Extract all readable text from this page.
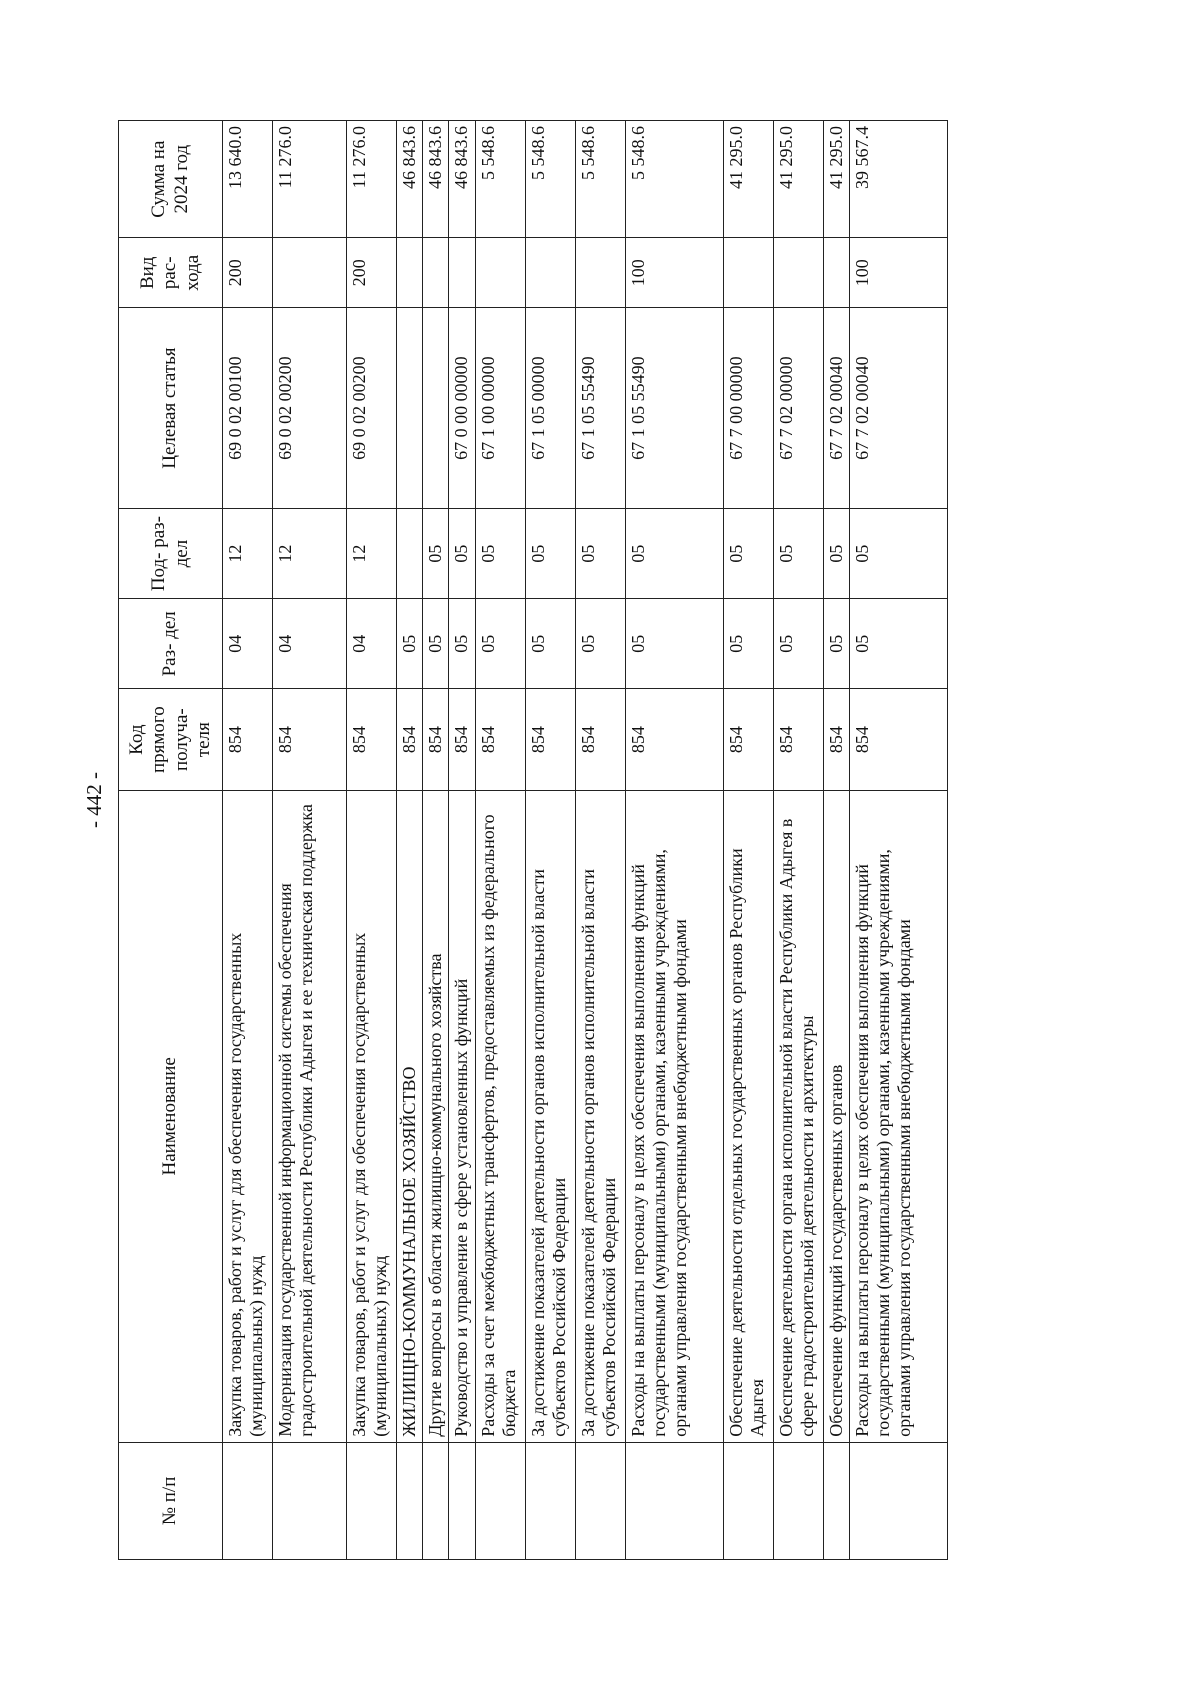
- 442 -
№ п/п	Наименование	Код прямого получа- теля	Раз- дел	Под- раз- дел	Целевая статья	Вид рас- хода	Сумма на 2024 год
	Закупка товаров, работ и услуг для обеспечения государственных (муниципальных) нужд	854	04	12	69 0 02 00100	200	13 640.0
	Модернизация государственной информационной системы обеспечения градостроительной деятельности Республики Адыгея и ее техническая поддержка	854	04	12	69 0 02 00200		11 276.0
	Закупка товаров, работ и услуг для обеспечения государственных (муниципальных) нужд	854	04	12	69 0 02 00200	200	11 276.0
	ЖИЛИЩНО-КОММУНАЛЬНОЕ ХОЗЯЙСТВО	854	05				46 843.6
	Другие вопросы в области жилищно-коммунального хозяйства	854	05	05			46 843.6
	Руководство и управление в сфере установленных функций	854	05	05	67 0 00 00000		46 843.6
	Расходы за счет межбюджетных трансфертов, предоставляемых из федерального бюджета	854	05	05	67 1 00 00000		5 548.6
	За достижение показателей деятельности органов исполнительной власти субъектов Российской Федерации	854	05	05	67 1 05 00000		5 548.6
	За достижение показателей деятельности органов исполнительной власти субъектов Российской Федерации	854	05	05	67 1 05 55490		5 548.6
	Расходы на выплаты персоналу в целях обеспечения выполнения функций государственными (муниципальными) органами, казенными учреждениями, органами управления государственными внебюджетными фондами	854	05	05	67 1 05 55490	100	5 548.6
	Обеспечение деятельности отдельных государственных органов Республики Адыгея	854	05	05	67 7 00 00000		41 295.0
	Обеспечение деятельности органа исполнительной власти Республики Адыгея в сфере градостроительной деятельности и архитектуры	854	05	05	67 7 02 00000		41 295.0
	Обеспечение функций государственных органов	854	05	05	67 7 02 00040		41 295.0
	Расходы на выплаты персоналу в целях обеспечения выполнения функций государственными (муниципальными) органами, казенными учреждениями, органами управления государственными внебюджетными фондами	854	05	05	67 7 02 00040	100	39 567.4
